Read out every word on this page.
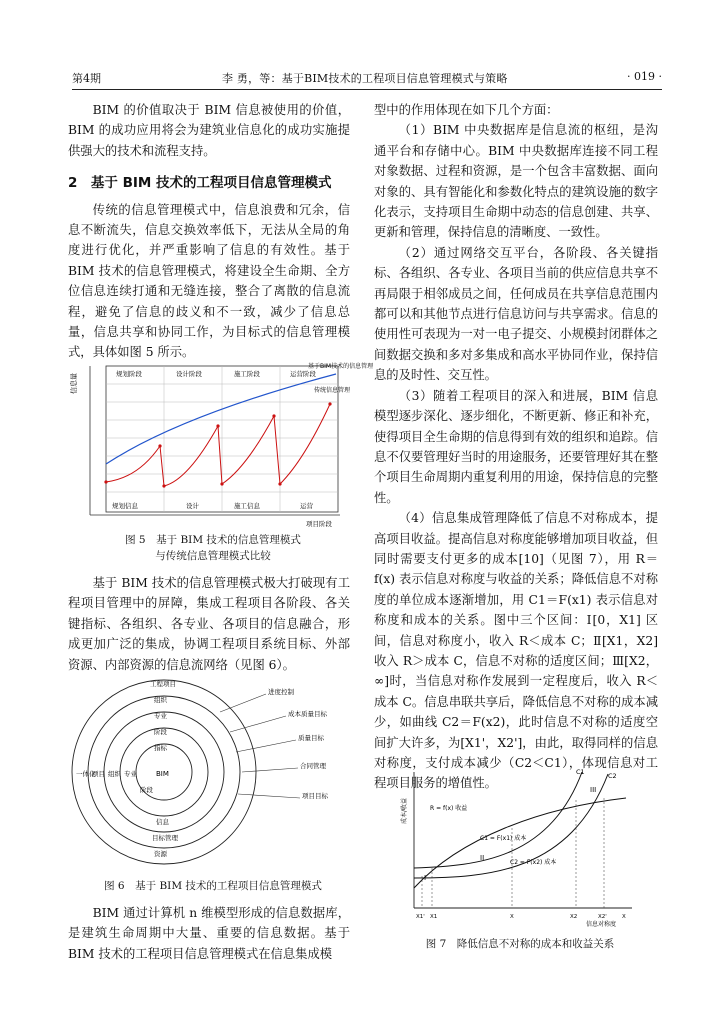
第4期	李 勇，等：基于BIM技术的工程项目信息管理模式与策略	· 019 ·

BIM 的价值取决于 BIM 信息被使用的价值，BIM 的成功应用将会为建筑业信息化的成功实施提供强大的技术和流程支持。

2　基于 BIM 技术的工程项目信息管理模式

传统的信息管理模式中，信息浪费和冗余，信息不断流失，信息交换效率低下，无法从全局的角度进行优化，并严重影响了信息的有效性。基于BIM 技术的信息管理模式，将建设全生命期、全方位信息连续打通和无缝连接，整合了离散的信息流程，避免了信息的歧义和不一致，减少了信息总量，信息共享和协同工作，为目标式的信息管理模式，具体如图 5 所示。

信息量	规划阶段	设计阶段	施工阶段	运营阶段
规划信息	设计	施工信息	运营
项目阶段
基于BIM技术的信息管理
传统信息管理
图 5　基于 BIM 技术的信息管理模式
与传统信息管理模式比较

基于 BIM 技术的信息管理模式极大打破现有工程项目管理中的屏障，集成工程项目各阶段、各关键指标、各组织、各专业、各项目的信息融合，形成更加广泛的集成，协调工程项目系统目标、外部资源、内部资源的信息流网络（见图 6）。

BIM
工程项目
组织
专业
阶段
指标
一体化
项目 组织 专业
阶段
目标管理
资源
信息
进度控制
成本质量目标
质量目标
合同管理
项目目标
图 6　基于 BIM 技术的工程项目信息管理模式

BIM 通过计算机 n 维模型形成的信息数据库，是建筑生命周期中大量、重要的信息数据。基于BIM 技术的工程项目信息管理模式在信息集成模

型中的作用体现在如下几个方面：

（1）BIM 中央数据库是信息流的枢纽，是沟通平台和存储中心。BIM 中央数据库连接不同工程对象数据、过程和资源，是一个包含丰富数据、面向对象的、具有智能化和参数化特点的建筑设施的数字化表示，支持项目生命期中动态的信息创建、共享、更新和管理，保持信息的清晰度、一致性。

（2）通过网络交互平台，各阶段、各关键指标、各组织、各专业、各项目当前的供应信息共享不再局限于相邻成员之间，任何成员在共享信息范围内都可以和其他节点进行信息访问与共享需求。信息的使用性可表现为一对一电子提交、小规模封闭群体之间数据交换和多对多集成和高水平协同作业，保持信息的及时性、交互性。

（3）随着工程项目的深入和进展，BIM 信息模型逐步深化、逐步细化，不断更新、修正和补充，使得项目全生命期的信息得到有效的组织和追踪。信息不仅要管理好当时的用途服务，还要管理好其在整个项目生命周期内重复利用的用途，保持信息的完整性。

（4）信息集成管理降低了信息不对称成本，提高项目收益。提高信息对称度能够增加项目收益，但同时需要支付更多的成本[10]（见图 7），用 R＝f(x) 表示信息对称度与收益的关系；降低信息不对称度的单位成本逐渐增加，用 C1＝F(x1) 表示信息对称度和成本的关系。图中三个区间：Ⅰ[0，X1] 区间，信息对称度小，收入 R＜成本 C；Ⅱ[X1，X2] 收入 R＞成本 C，信息不对称的适度区间；Ⅲ[X2，∞]时，当信息对称作发展到一定程度后，收入 R＜成本 C。信息串联共享后，降低信息不对称的成本减少，如曲线 C2＝F(x2)，此时信息不对称的适度空间扩大许多，为[X1'，X2']，由此，取得同样的信息对称度，支付成本减少（C2＜C1），体现信息对工程项目服务的增值性。

成本/收益
信息对称度
C1	C2
R = f(x) 收益
C1 = F(x1) 成本
C2 = F(x2) 成本
I
II
III
X1' X1	X	X2	X2'	X
图 7　降低信息不对称的成本和收益关系
